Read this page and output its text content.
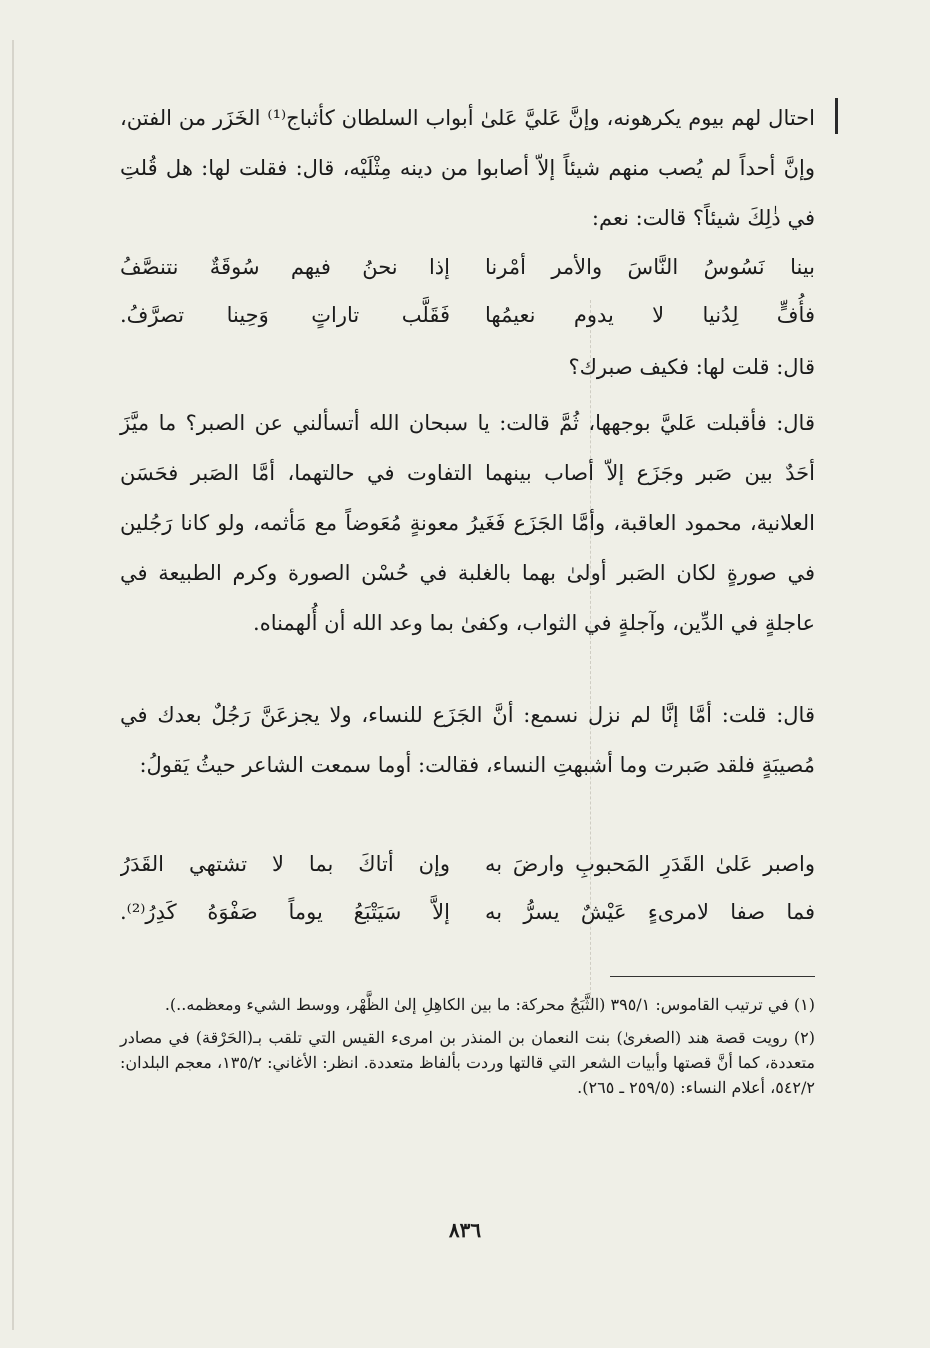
احتال لهم بيوم يكرهونه، وإنَّ عَليَّ عَلىٰ أبواب السلطان كأثباج⁽¹⁾ الخَزَر من الفتن، وإنَّ أحداً لم يُصب منهم شيئاً إلاّ أصابوا من دينه مِثْلَيْه، قال: فقلت لها: هل قُلتِ في ذٰلِكَ شيئاً؟ قالت: نعم:

بينا نَسُوسُ النَّاسَ والأمر أمْرنا
إذا نحنُ فيهم سُوقَةٌ نتنصَّفُ
فأُفٍّ لِدُنيا لا يدوم نعيمُها
فَقَلَّب تاراتٍ وَحِينا تصرَّفُ.

قال: قلت لها: فكيف صبرك؟

قال: فأقبلت عَليَّ بوجهها، ثُمَّ قالت: يا سبحان الله أتسألني عن الصبر؟ ما ميَّزَ أحَدٌ بين صَبر وجَزَع إلاّ أصاب بينهما التفاوت في حالتهما، أمَّا الصَبر فحَسَن العلانية، محمود العاقبة، وأمَّا الجَزَع فَغَيرُ معونةٍ مُعَوضاً مع مَأثمه، ولو كانا رَجُلين في صورةٍ لكان الصَبر أولىٰ بهما بالغلبة في حُسْن الصورة وكرم الطبيعة في عاجلةٍ في الدِّين، وآجلةٍ في الثواب، وكفىٰ بما وعد الله أن أُلهمناه.

قال: قلت: أمَّا إنَّا لم نزل نسمع: أنَّ الجَزَع للنساء، ولا يجزعَنَّ رَجُلٌ بعدك في مُصيبَةٍ فلقد صَبرت وما أشبهتِ النساء، فقالت: أوما سمعت الشاعر حيثُ يَقولُ:

واصبر عَلىٰ القَدَرِ المَحبوبِ وارضَ به
وإن أتاكَ بما لا تشتهي القَدَرُ
فما صفا لامرىءٍ عَيْشٌ يسرُّ به
إلاَّ سَيَتْبَعُ يوماً صَفْوَهُ كَدِرُ⁽²⁾.

(١) في ترتيب القاموس: ٣٩٥/١ (الثَّبَجُ محركة: ما بين الكاهِلِ إلىٰ الظَّهْر، ووسط الشيء ومعظمه..).

(٢) رويت قصة هند (الصغرىٰ) بنت النعمان بن المنذر بن امرىء القيس التي تلقب بـ(الحَرْقة) في مصادر متعددة، كما أنَّ قصتها وأبيات الشعر التي قالتها وردت بألفاظ متعددة. انظر: الأغاني: ١٣٥/٢، معجم البلدان: ٥٤٢/٢، أعلام النساء: (٢٥٩/٥ ـ ٢٦٥).

٨٣٦
